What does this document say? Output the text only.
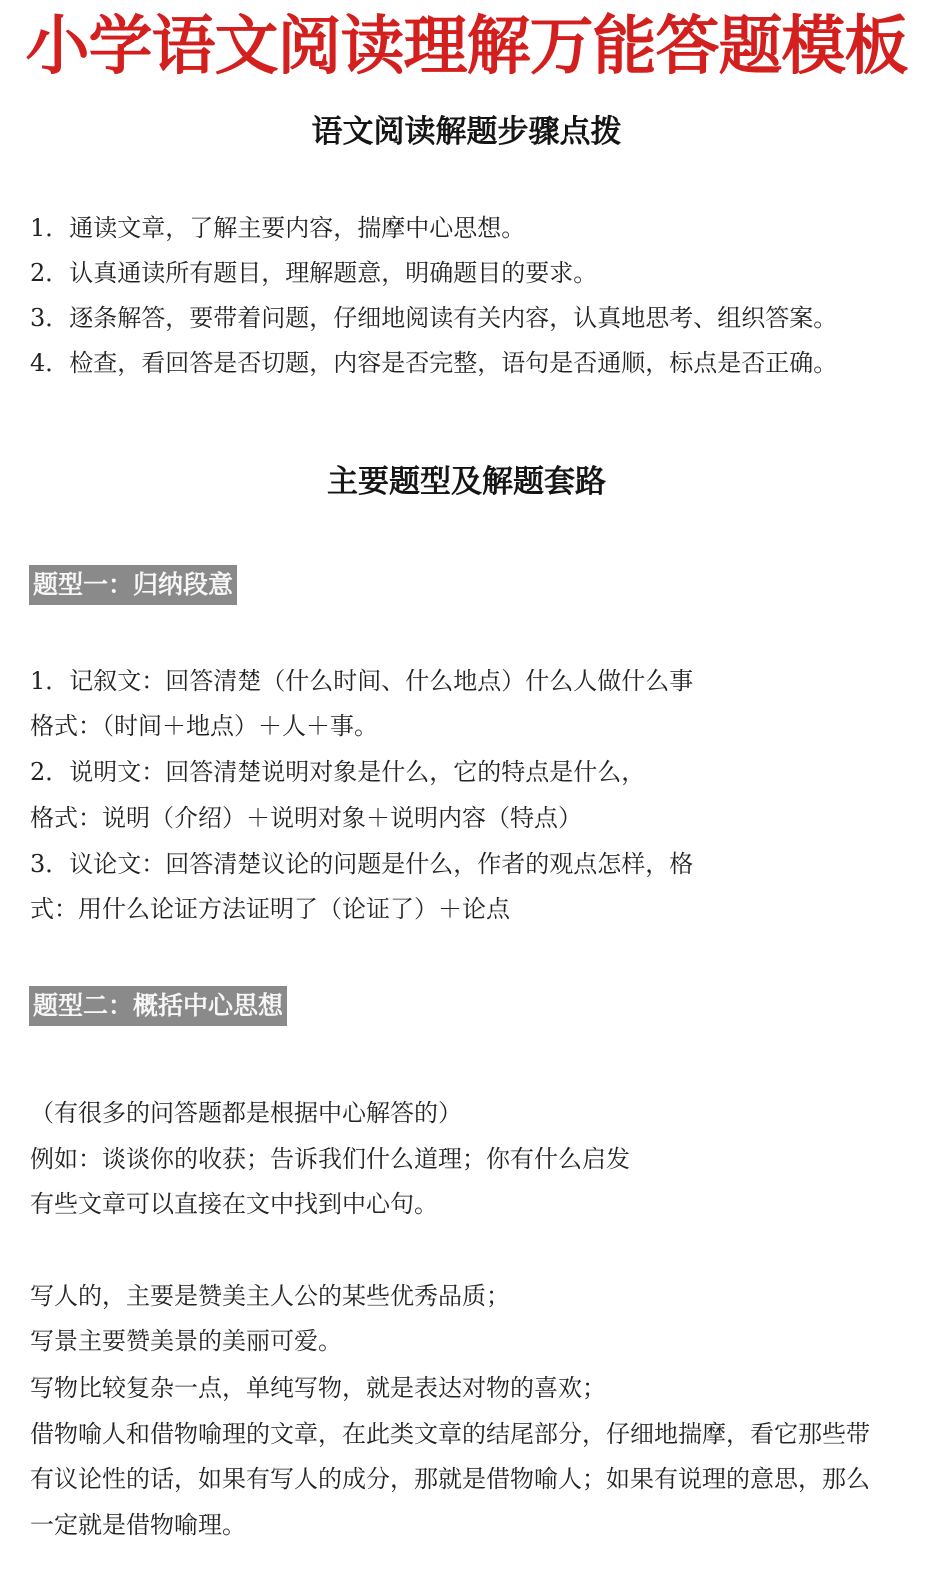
小学语文阅读理解万能答题模板
语文阅读解题步骤点拨
1．通读文章，了解主要内容，揣摩中心思想。
2．认真通读所有题目，理解题意，明确题目的要求。
3．逐条解答，要带着问题，仔细地阅读有关内容，认真地思考、组织答案。
4．检查，看回答是否切题，内容是否完整，语句是否通顺，标点是否正确。
主要题型及解题套路
题型一：归纳段意
1．记叙文：回答清楚（什么时间、什么地点）什么人做什么事
格式：（时间＋地点）＋人＋事。
2．说明文：回答清楚说明对象是什么，它的特点是什么，
格式：说明（介绍）＋说明对象＋说明内容（特点）
3．议论文：回答清楚议论的问题是什么，作者的观点怎样，格
式：用什么论证方法证明了（论证了）＋论点
题型二：概括中心思想
（有很多的问答题都是根据中心解答的）
例如：谈谈你的收获；告诉我们什么道理；你有什么启发
有些文章可以直接在文中找到中心句。
写人的，主要是赞美主人公的某些优秀品质；
写景主要赞美景的美丽可爱。
写物比较复杂一点，单纯写物，就是表达对物的喜欢；
借物喻人和借物喻理的文章，在此类文章的结尾部分，仔细地揣摩，看它那些带
有议论性的话，如果有写人的成分，那就是借物喻人；如果有说理的意思，那么
一定就是借物喻理。
